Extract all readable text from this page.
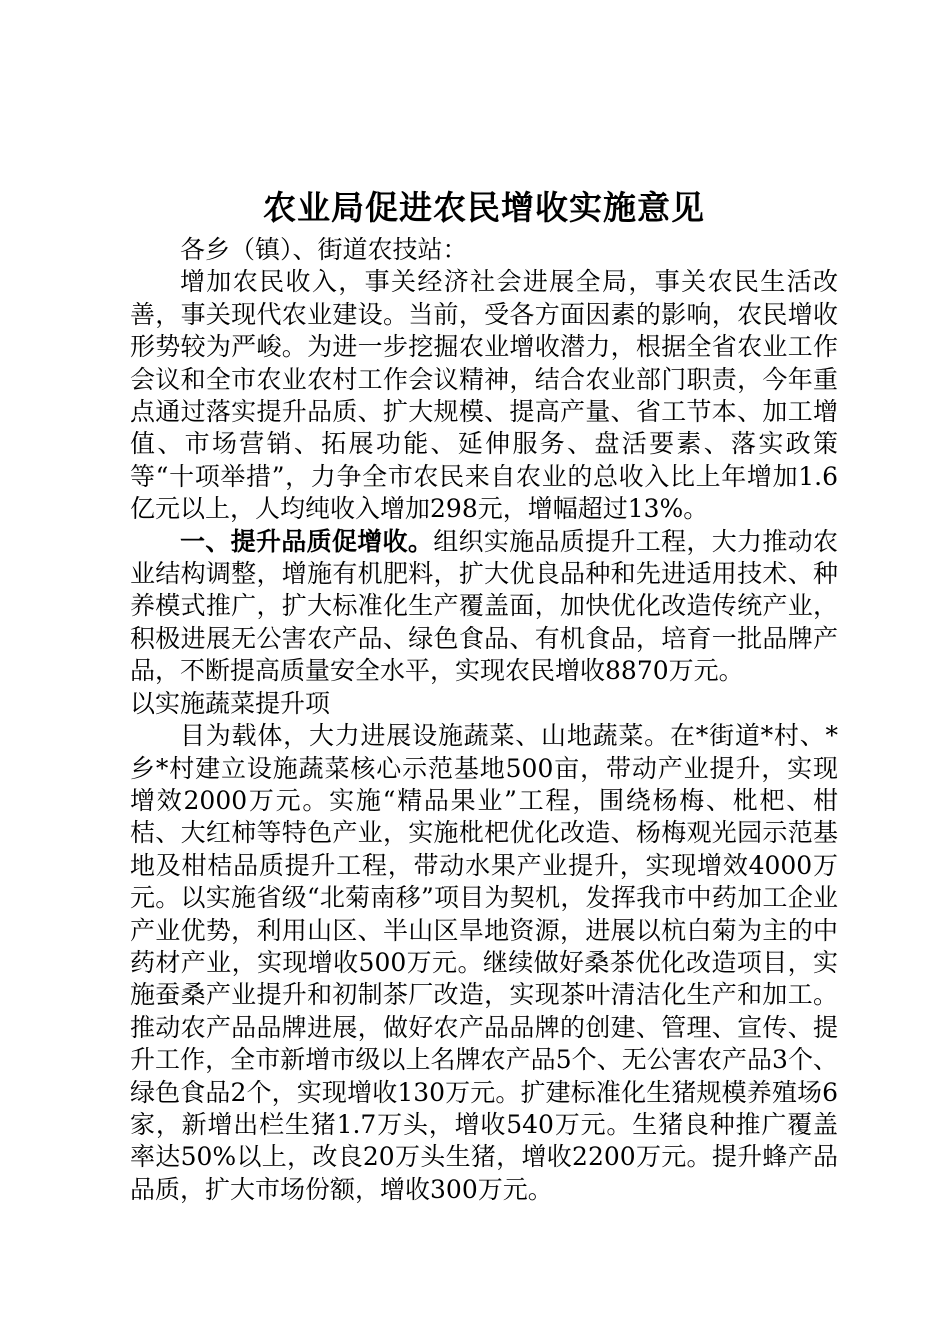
农业局促进农民增收实施意见

各乡（镇）、街道农技站：

增加农民收入，事关经济社会进展全局，事关农民生活改善，事关现代农业建设。当前，受各方面因素的影响，农民增收形势较为严峻。为进一步挖掘农业增收潜力，根据全省农业工作会议和全市农业农村工作会议精神，结合农业部门职责，今年重点通过落实提升品质、扩大规模、提高产量、省工节本、加工增值、市场营销、拓展功能、延伸服务、盘活要素、落实政策等“十项举措”，力争全市农民来自农业的总收入比上年增加1.6亿元以上，人均纯收入增加298元，增幅超过13%。

一、提升品质促增收。组织实施品质提升工程，大力推动农业结构调整，增施有机肥料，扩大优良品种和先进适用技术、种养模式推广，扩大标准化生产覆盖面，加快优化改造传统产业，积极进展无公害农产品、绿色食品、有机食品，培育一批品牌产品，不断提高质量安全水平，实现农民增收8870万元。

以实施蔬菜提升项

目为载体，大力进展设施蔬菜、山地蔬菜。在*街道*村、*乡*村建立设施蔬菜核心示范基地500亩，带动产业提升，实现增效2000万元。实施“精品果业”工程，围绕杨梅、枇杷、柑桔、大红柿等特色产业，实施枇杷优化改造、杨梅观光园示范基地及柑桔品质提升工程，带动水果产业提升，实现增效4000万元。以实施省级“北菊南移”项目为契机，发挥我市中药加工企业产业优势，利用山区、半山区旱地资源，进展以杭白菊为主的中药材产业，实现增收500万元。继续做好桑茶优化改造项目，实施蚕桑产业提升和初制茶厂改造，实现茶叶清洁化生产和加工。推动农产品品牌进展，做好农产品品牌的创建、管理、宣传、提升工作，全市新增市级以上名牌农产品5个、无公害农产品3个、绿色食品2个，实现增收130万元。扩建标准化生猪规模养殖场6家，新增出栏生猪1.7万头，增收540万元。生猪良种推广覆盖率达50%以上，改良20万头生猪，增收2200万元。提升蜂产品品质，扩大市场份额，增收300万元。
